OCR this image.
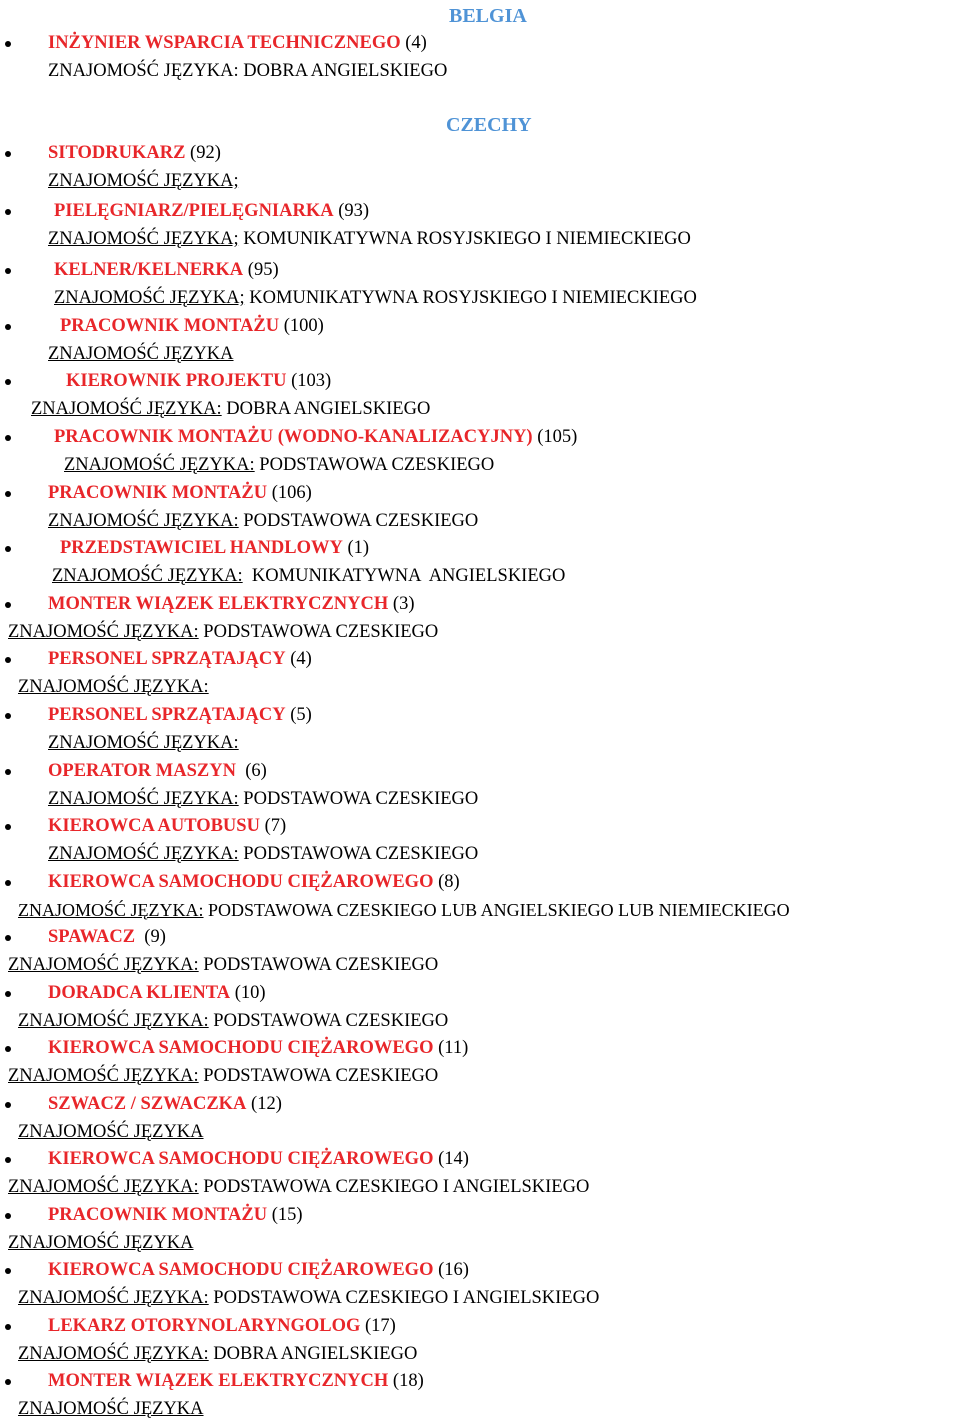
BELGIA
INŻYNIER WSPARCIA TECHNICZNEGO (4)
ZNAJOMOŚĆ JĘZYKA: DOBRA ANGIELSKIEGO
CZECHY
SITODRUKARZ (92)
ZNAJOMOŚĆ JĘZYKA;
PIELĘGNIARZ/PIELĘGNIARKA (93)
ZNAJOMOŚĆ JĘZYKA; KOMUNIKATYWNA ROSYJSKIEGO I NIEMIECKIEGO
KELNER/KELNERKA (95)
ZNAJOMOŚĆ JĘZYKA; KOMUNIKATYWNA ROSYJSKIEGO I NIEMIECKIEGO
PRACOWNIK MONTAŻU (100)
ZNAJOMOŚĆ JĘZYKA
KIEROWNIK PROJEKTU (103)
ZNAJOMOŚĆ JĘZYKA: DOBRA ANGIELSKIEGO
PRACOWNIK MONTAŻU (WODNO-KANALIZACYJNY) (105)
ZNAJOMOŚĆ JĘZYKA: PODSTAWOWA CZESKIEGO
PRACOWNIK MONTAŻU (106)
ZNAJOMOŚĆ JĘZYKA: PODSTAWOWA CZESKIEGO
PRZEDSTAWICIEL HANDLOWY (1)
ZNAJOMOŚĆ JĘZYKA:  KOMUNIKATYWNA  ANGIELSKIEGO
MONTER WIĄZEK ELEKTRYCZNYCH (3)
ZNAJOMOŚĆ JĘZYKA: PODSTAWOWA CZESKIEGO
PERSONEL SPRZĄTAJĄCY (4)
ZNAJOMOŚĆ JĘZYKA:
PERSONEL SPRZĄTAJĄCY (5)
ZNAJOMOŚĆ JĘZYKA:
OPERATOR MASZYN  (6)
ZNAJOMOŚĆ JĘZYKA: PODSTAWOWA CZESKIEGO
KIEROWCA AUTOBUSU (7)
ZNAJOMOŚĆ JĘZYKA: PODSTAWOWA CZESKIEGO
KIEROWCA SAMOCHODU CIĘŻAROWEGO (8)
ZNAJOMOŚĆ JĘZYKA: PODSTAWOWA CZESKIEGO LUB ANGIELSKIEGO LUB NIEMIECKIEGO
SPAWACZ  (9)
ZNAJOMOŚĆ JĘZYKA: PODSTAWOWA CZESKIEGO
DORADCA KLIENTA (10)
ZNAJOMOŚĆ JĘZYKA: PODSTAWOWA CZESKIEGO
KIEROWCA SAMOCHODU CIĘŻAROWEGO (11)
ZNAJOMOŚĆ JĘZYKA: PODSTAWOWA CZESKIEGO
SZWACZ / SZWACZKA (12)
ZNAJOMOŚĆ JĘZYKA
KIEROWCA SAMOCHODU CIĘŻAROWEGO (14)
ZNAJOMOŚĆ JĘZYKA: PODSTAWOWA CZESKIEGO I ANGIELSKIEGO
PRACOWNIK MONTAŻU (15)
ZNAJOMOŚĆ JĘZYKA
KIEROWCA SAMOCHODU CIĘŻAROWEGO (16)
ZNAJOMOŚĆ JĘZYKA: PODSTAWOWA CZESKIEGO I ANGIELSKIEGO
LEKARZ OTORYNOLARYNGOLOG (17)
ZNAJOMOŚĆ JĘZYKA: DOBRA ANGIELSKIEGO
MONTER WIĄZEK ELEKTRYCZNYCH (18)
ZNAJOMOŚĆ JĘZYKA
